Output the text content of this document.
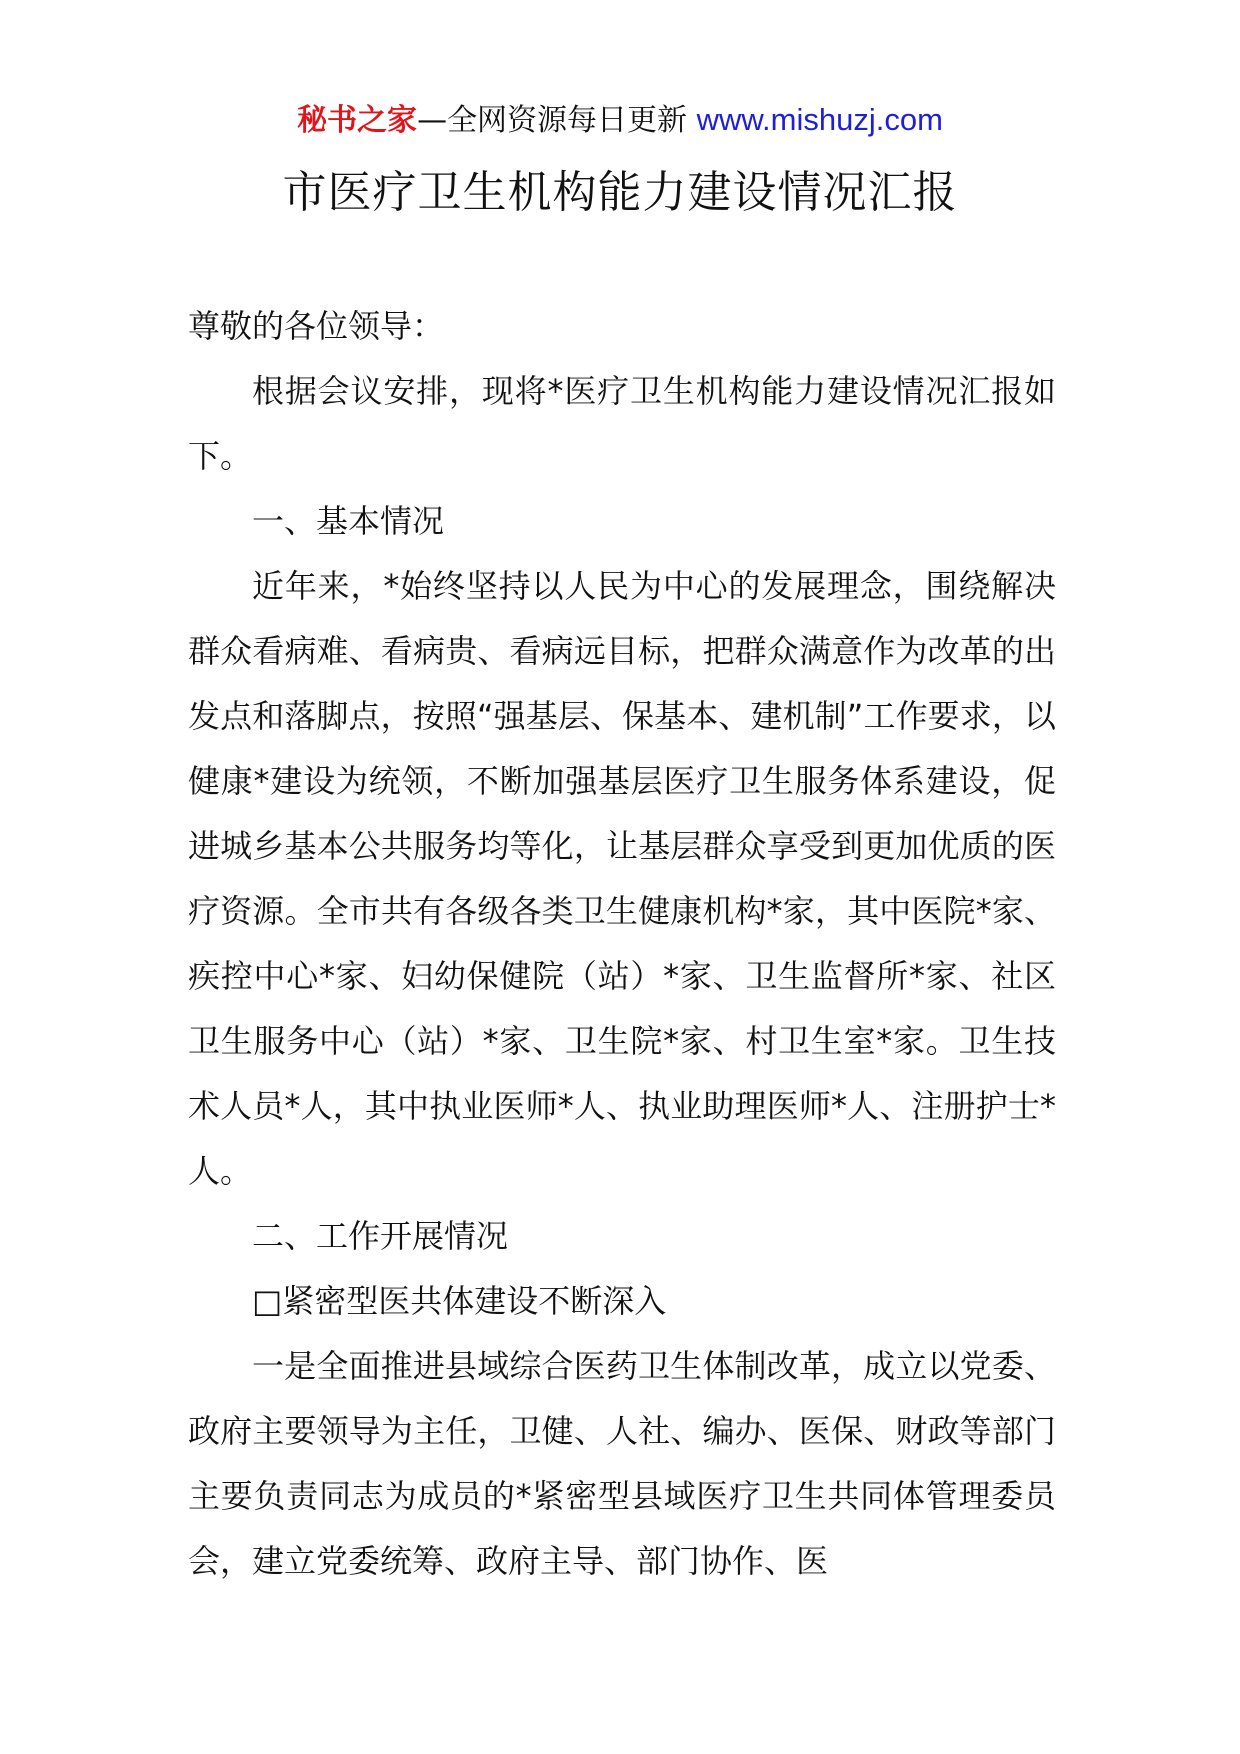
秘书之家—全网资源每日更新 www.mishuzj.com
市医疗卫生机构能力建设情况汇报

尊敬的各位领导：

根据会议安排，现将*医疗卫生机构能力建设情况汇报如下。

一、基本情况

近年来，*始终坚持以人民为中心的发展理念，围绕解决群众看病难、看病贵、看病远目标，把群众满意作为改革的出发点和落脚点，按照“强基层、保基本、建机制”工作要求，以健康*建设为统领，不断加强基层医疗卫生服务体系建设，促进城乡基本公共服务均等化，让基层群众享受到更加优质的医疗资源。全市共有各级各类卫生健康机构*家，其中医院*家、疾控中心*家、妇幼保健院（站）*家、卫生监督所*家、社区卫生服务中心（站）*家、卫生院*家、村卫生室*家。卫生技术人员*人，其中执业医师*人、执业助理医师*人、注册护士*人。

二、工作开展情况

□紧密型医共体建设不断深入

一是全面推进县域综合医药卫生体制改革，成立以党委、政府主要领导为主任，卫健、人社、编办、医保、财政等部门主要负责同志为成员的*紧密型县域医疗卫生共同体管理委员会，建立党委统筹、政府主导、部门协作、医
